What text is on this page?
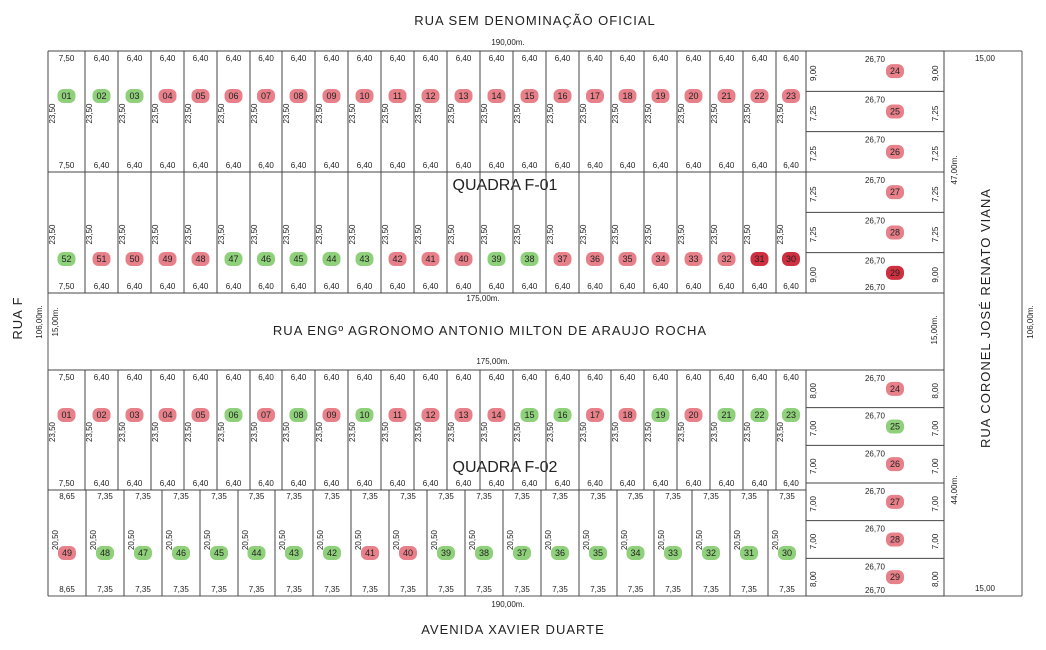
RUA SEM DENOMINAÇÃO OFICIAL
AVENIDA XAVIER DUARTE
RUA ENGº AGRONOMO ANTONIO MILTON DE ARAUJO ROCHA
RUA F	RUA CORONEL JOSÉ RENATO VIANA
190,00m.
190,00m.
175,00m.
175,00m.
106,00m. 15,00m.	106,00m.
15,00m.
47,00m.
44,00m.
15,00
15,00
QUADRA F-01
QUADRA F-02
01
7,50
7,50
23,50
02
6,40
6,40
23,50
03
6,40
6,40
23,50
04
6,40
6,40
23,50
05
6,40
6,40
23,50
06
6,40
6,40
23,50
07
6,40
6,40
23,50
08
6,40
6,40
23,50
09
6,40
6,40
23,50
10
6,40
6,40
23,50
11
6,40
6,40
23,50
12
6,40
6,40
23,50
13
6,40
6,40
23,50
14
6,40
6,40
23,50
15
6,40
6,40
23,50
16
6,40
6,40
23,50
17
6,40
6,40
23,50
18
6,40
6,40
23,50
19
6,40
6,40
23,50
20
6,40
6,40
23,50
21
6,40
6,40
23,50
22
6,40
6,40
23,50
23
6,40
6,40
23,50
52
7,50
23,50
51
6,40
23,50
50
6,40
23,50
49
6,40
23,50
48
6,40
23,50
47
6,40
23,50
46
6,40
23,50
45
6,40
23,50
44
6,40
23,50
43
6,40
23,50
42
6,40
23,50
41
6,40
23,50
40
6,40
23,50
39
6,40
23,50
38
6,40
23,50
37
6,40
23,50
36
6,40
23,50
35
6,40
23,50
34
6,40
23,50
33
6,40
23,50
32
6,40
23,50
31
6,40
23,50
30
6,40
23,50
01
7,50
7,50
23,50
02
6,40
6,40
23,50
03
6,40
6,40
23,50
04
6,40
6,40
23,50
05
6,40
6,40
23,50
06
6,40
6,40
23,50
07
6,40
6,40
23,50
08
6,40
6,40
23,50
09
6,40
6,40
23,50
10
6,40
6,40
23,50
11
6,40
6,40
23,50
12
6,40
6,40
23,50
13
6,40
6,40
23,50
14
6,40
6,40
23,50
15
6,40
6,40
23,50
16
6,40
6,40
23,50
17
6,40
6,40
23,50
18
6,40
6,40
23,50
19
6,40
6,40
23,50
20
6,40
6,40
23,50
21
6,40
6,40
23,50
22
6,40
6,40
23,50
23
6,40
6,40
23,50
49
8,65
8,65
20,50
48
7,35
7,35
20,50
47
7,35
7,35
20,50
46
7,35
7,35
20,50
45
7,35
7,35
20,50
44
7,35
7,35
20,50
43
7,35
7,35
20,50
42
7,35
7,35
20,50
41
7,35
7,35
20,50
40
7,35
7,35
20,50
39
7,35
7,35
20,50
38
7,35
7,35
20,50
37
7,35
7,35
20,50
36
7,35
7,35
20,50
35
7,35
7,35
20,50
34
7,35
7,35
20,50
33
7,35
7,35
20,50
32
7,35
7,35
20,50
31
7,35
7,35
20,50
30
7,35
7,35
20,50
24
26,70
9,00	9,00
25
26,70
7,25	7,25
26
26,70
7,25	7,25
27
26,70
7,25	7,25
28
26,70
7,25	7,25
29
26,70
9,00	9,00
26,70
24
26,70
8,00	8,00
25
26,70
7,00	7,00
26
26,70
7,00	7,00
27
26,70
7,00	7,00
28
26,70
7,00	7,00
29
26,70
8,00	8,00
26,70
